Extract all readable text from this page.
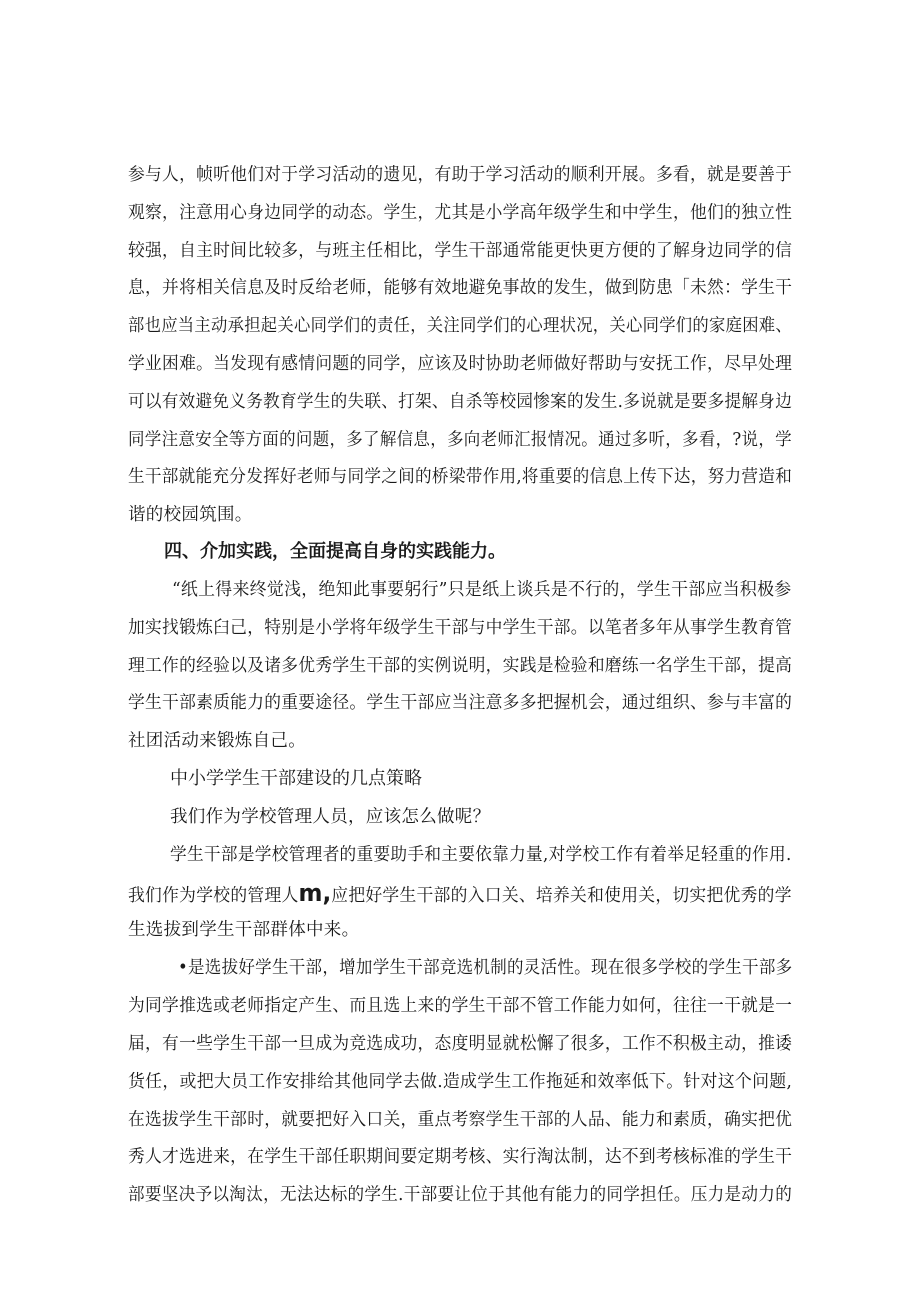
参与人，帧听他们对于学习活动的遗见，有助于学习活动的顺利开展。多看，就是要善于
观察，注意用心身边同学的动态。学生，尤其是小学高年级学生和中学生，他们的独立性
较强，自主时间比较多，与班主任相比，学生干部通常能更快更方便的了解身边同学的信
息，并将相关信息及时反给老师，能够有效地避免事故的发生，做到防患「未然：学生干
部也应当主动承担起关心同学们的责任，关注同学们的心理状况，关心同学们的家庭困难、
学业困难。当发现有感情问题的同学，应该及时协助老师做好帮助与安抚工作，尽早处理
可以有效避免义务教育学生的失联、打架、自杀等校园惨案的发生.多说就是要多提解身边
同学注意安全等方面的问题，多了解信息，多向老师汇报情况。通过多听，多看，?说，学
生干部就能充分发挥好老师与同学之间的桥梁带作用,将重要的信息上传下达，努力营造和
谐的校园筑围。
四、介加实践，全面提高自身的实践能力。
“纸上得来终觉浅，绝知此事要躬行”只是纸上谈兵是不行的，学生干部应当积极参
加实找锻炼臼己，特别是小学将年级学生干部与中学生干部。以笔者多年从事学生教育管
理工作的经验以及诸多优秀学生干部的实例说明，实践是检验和磨练一名学生干部，提高
学生干部素质能力的重要途径。学生干部应当注意多多把握机会，通过组织、参与丰富的
社团活动来锻炼自己。
中小学学生干部建设的几点策略
我们作为学校管理人员，应该怎么做呢？
学生干部是学校管理者的重要助手和主要依靠力量,对学校工作有着举足轻重的作用.
我们作为学校的管理人m,应把好学生干部的入口关、培养关和使用关，切实把优秀的学
生选拔到学生干部群体中来。
•是选拔好学生干部，增加学生干部竞选机制的灵活性。现在很多学校的学生干部多
为同学推选或老师指定产生、而且选上来的学生干部不管工作能力如何，往往一干就是一
届，有一些学生干部一旦成为竞选成功，态度明显就松懈了很多，工作不积极主动，推诿
货任，或把大员工作安排给其他同学去做.造成学生工作拖延和效率低下。针对这个问题,
在选拔学生干部时，就要把好入口关，重点考察学生干部的人品、能力和素质，确实把优
秀人才选进来，在学生干部任职期间要定期考核、实行淘汰制，达不到考核标准的学生干
部要坚决予以淘汰，无法达标的学生.干部要让位于其他有能力的同学担任。压力是动力的
